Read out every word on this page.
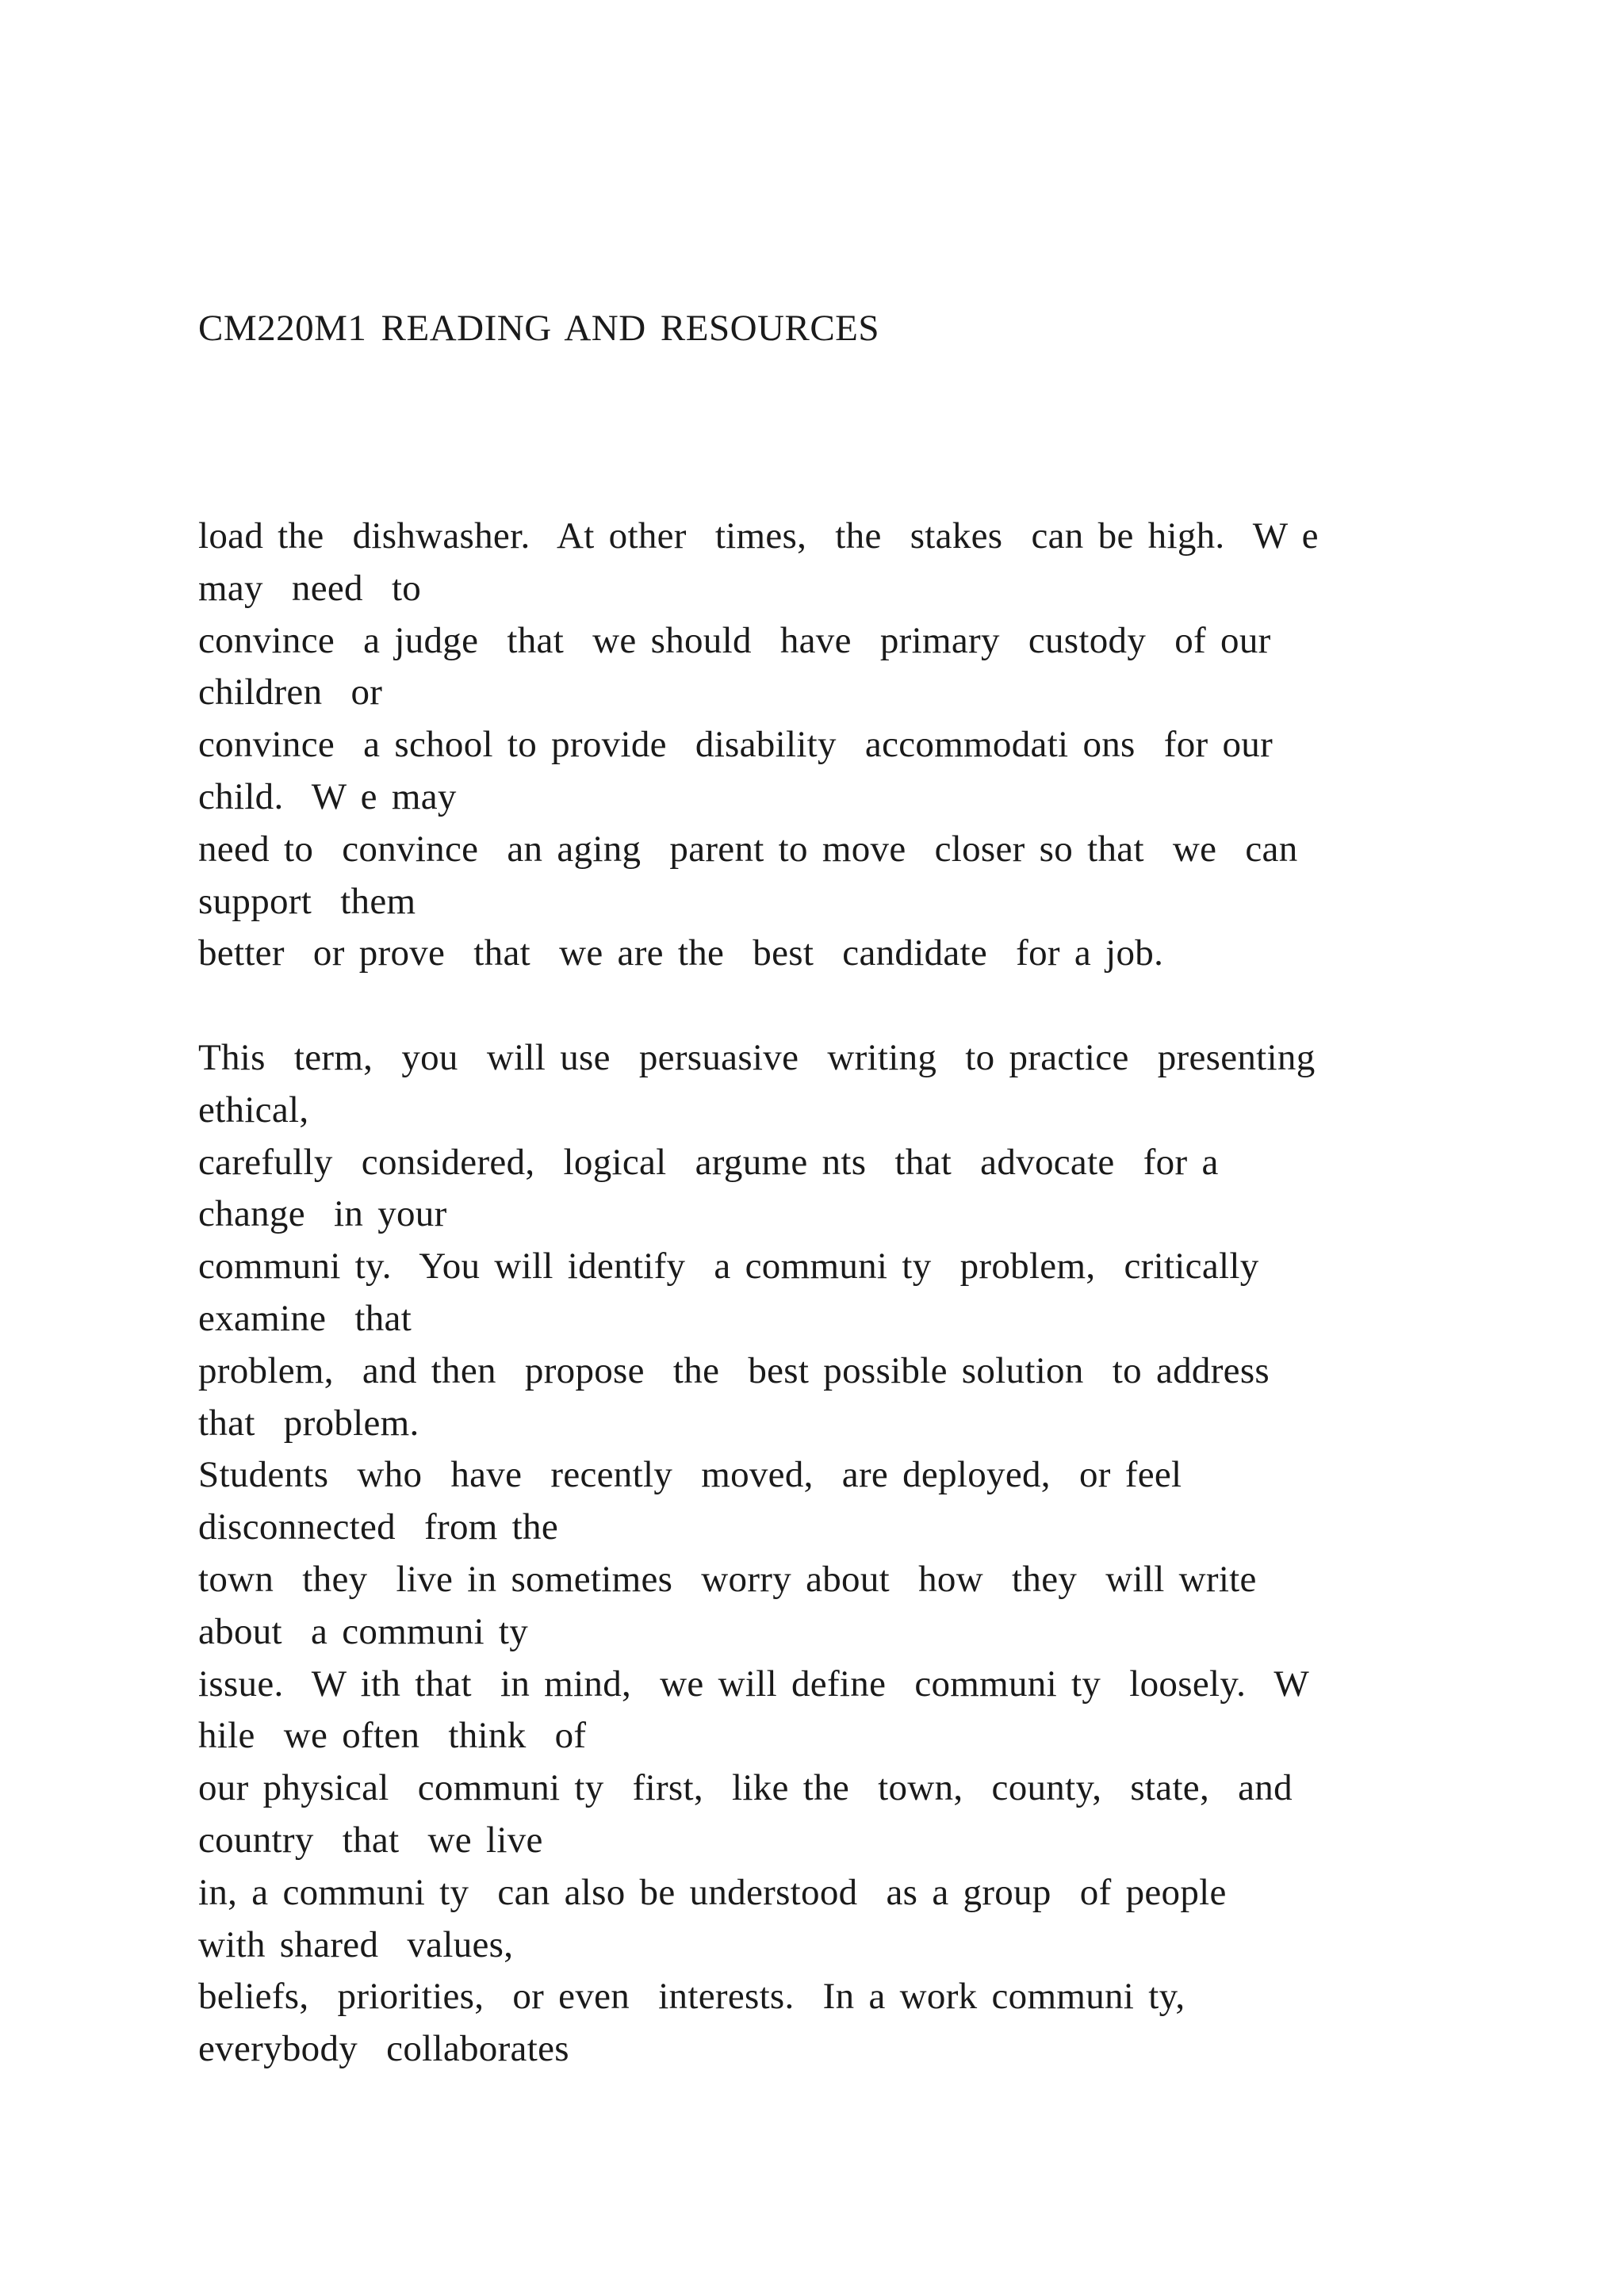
CM220M1 READING AND RESOURCES
load the  dishwasher.  At other  times,  the  stakes  can be high.  W e
may  need  to
convince  a judge  that  we should  have  primary  custody  of our
children  or
convince  a school to provide  disability  accommodati ons  for our
child.  W e may
need to  convince  an aging  parent to move  closer so that  we  can
support  them
better  or prove  that  we are the  best  candidate  for a job.
This  term,  you  will use  persuasive  writing  to practice  presenting
ethical,
carefully  considered,  logical  argume nts  that  advocate  for a
change  in your
communi ty.  You will identify  a communi ty  problem,  critically
examine  that
problem,  and then  propose  the  best possible solution  to address
that  problem.
Students  who  have  recently  moved,  are deployed,  or feel
disconnected  from the
town  they  live in sometimes  worry about  how  they  will write
about  a communi ty
issue.  W ith that  in mind,  we will define  communi ty  loosely.  W
hile  we often  think  of
our physical  communi ty  first,  like the  town,  county,  state,  and
country  that  we live
in, a communi ty  can also be understood  as a group  of people
with shared  values,
beliefs,  priorities,  or even  interests.  In a work communi ty,
everybody  collaborates
